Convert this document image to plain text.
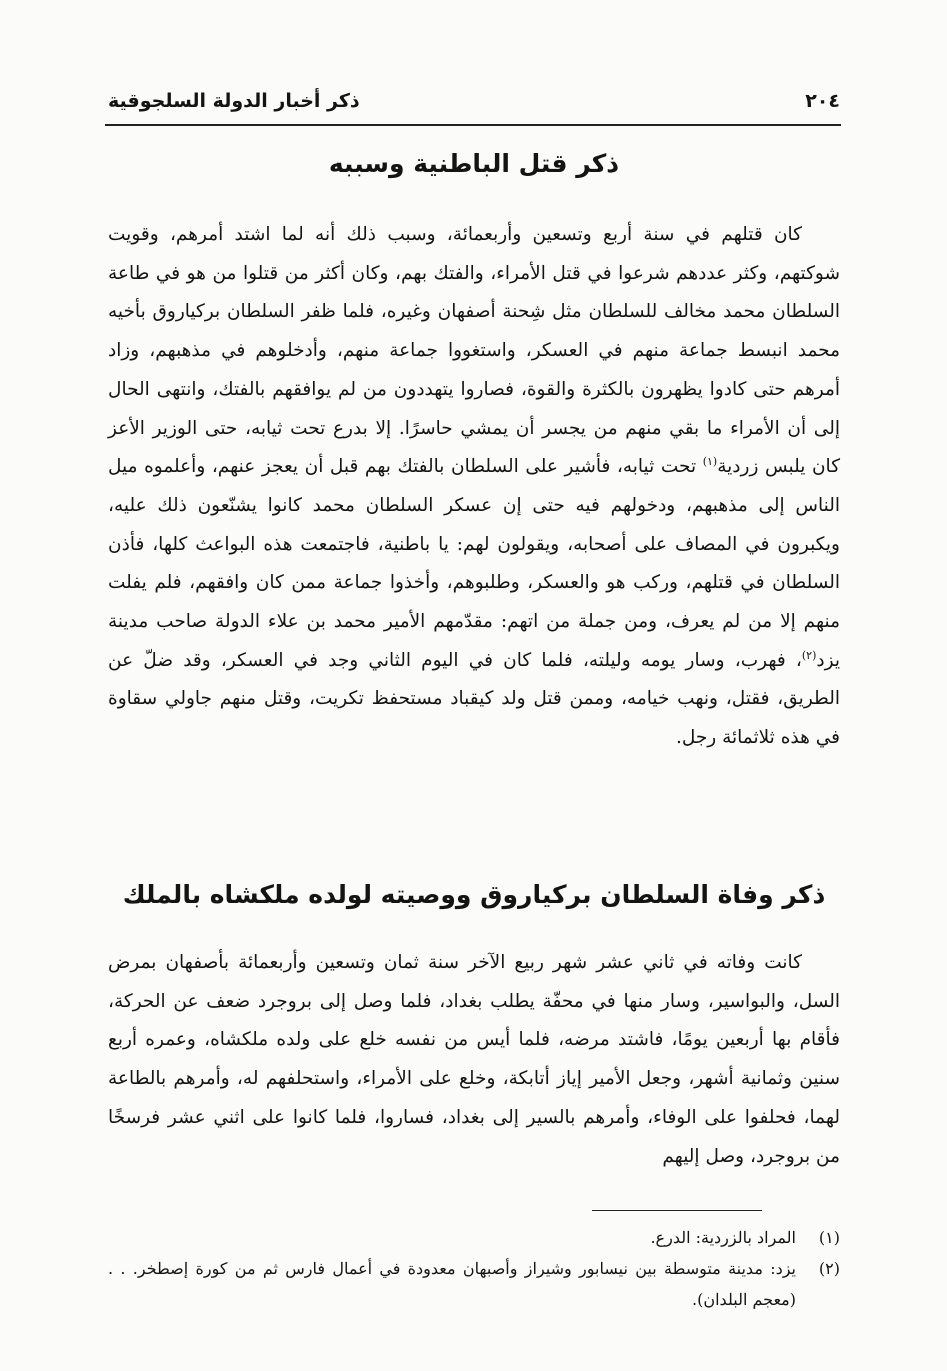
٢٠٤
ذكر أخبار الدولة السلجوقية
ذكر قتل الباطنية وسببه

كان قتلهم في سنة أربع وتسعين وأربعمائة، وسبب ذلك أنه لما اشتد أمرهم، وقويت شوكتهم، وكثر عددهم شرعوا في قتل الأمراء، والفتك بهم، وكان أكثر من قتلوا من هو في طاعة السلطان محمد مخالف للسلطان مثل شِحنة أصفهان وغيره، فلما ظفر السلطان بركياروق بأخيه محمد انبسط جماعة منهم في العسكر، واستغووا جماعة منهم، وأدخلوهم في مذهبهم، وزاد أمرهم حتى كادوا يظهرون بالكثرة والقوة، فصاروا يتهددون من لم يوافقهم بالفتك، وانتهى الحال إلى أن الأمراء ما بقي منهم من يجسر أن يمشي حاسرًا. إلا بدرع تحت ثيابه، حتى الوزير الأعز كان يلبس زردية$^{(١)}$ تحت ثيابه، فأشير على السلطان بالفتك بهم قبل أن يعجز عنهم، وأعلموه ميل الناس إلى مذهبهم، ودخولهم فيه حتى إن عسكر السلطان محمد كانوا يشنّعون ذلك عليه، ويكبرون في المصاف على أصحابه، ويقولون لهم: يا باطنية، فاجتمعت هذه البواعث كلها، فأذن السلطان في قتلهم، وركب هو والعسكر، وطلبوهم، وأخذوا جماعة ممن كان وافقهم، فلم يفلت منهم إلا من لم يعرف، ومن جملة من اتهم: مقدّمهم الأمير محمد بن علاء الدولة صاحب مدينة يزد$^{(٢)}$، فهرب، وسار يومه وليلته، فلما كان في اليوم الثاني وجد في العسكر، وقد ضلّ عن الطريق، فقتل، ونهب خيامه، وممن قتل ولد كيقباد مستحفظ تكريت، وقتل منهم جاولي سقاوة في هذه ثلاثمائة رجل.

ذكر وفاة السلطان بركياروق ووصيته لولده ملكشاه بالملك

كانت وفاته في ثاني عشر شهر ربيع الآخر سنة ثمان وتسعين وأربعمائة بأصفهان بمرض السل، والبواسير، وسار منها في محفّة يطلب بغداد، فلما وصل إلى بروجرد ضعف عن الحركة، فأقام بها أربعين يومًا، فاشتد مرضه، فلما أيس من نفسه خلع على ولده ملكشاه، وعمره أربع سنين وثمانية أشهر، وجعل الأمير إياز أتابكة، وخلع على الأمراء، واستحلفهم له، وأمرهم بالطاعة لهما، فحلفوا على الوفاء، وأمرهم بالسير إلى بغداد، فساروا، فلما كانوا على اثني عشر فرسخًا من بروجرد، وصل إليهم

(١)
المراد بالزردية: الدرع.
(٢)
يزد: مدينة متوسطة بين نيسابور وشيراز وأصبهان معدودة في أعمال فارس ثم من كورة إصطخر. . . (معجم البلدان).
